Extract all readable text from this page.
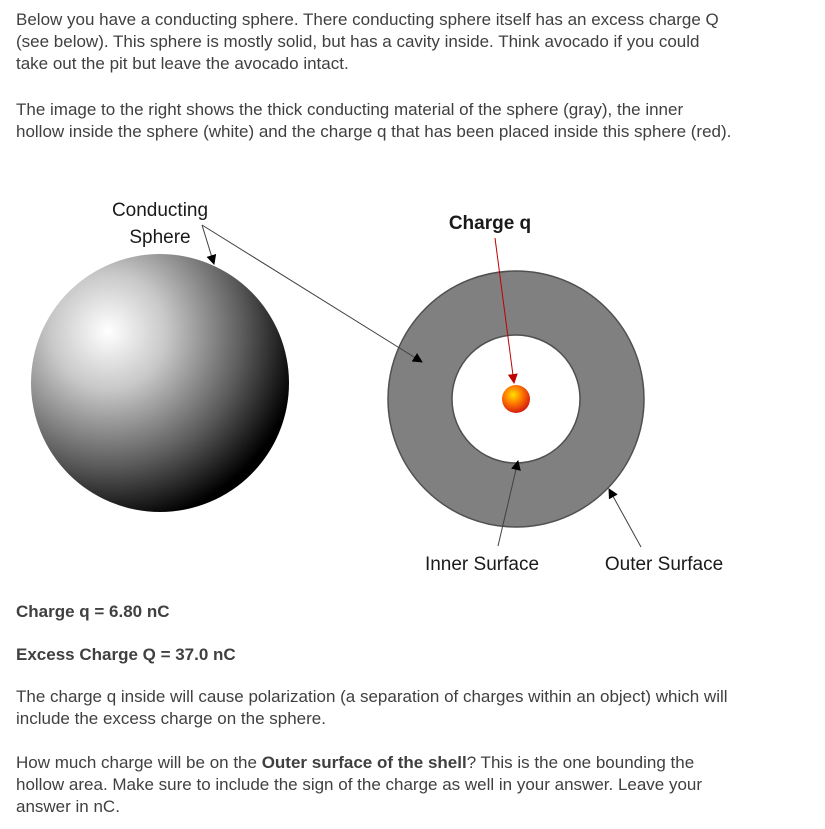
Below you have a conducting sphere. There conducting sphere itself has an excess charge Q (see below). This sphere is mostly solid, but has a cavity inside. Think avocado if you could take out the pit but leave the avocado intact.

The image to the right shows the thick conducting material of the sphere (gray), the inner hollow inside the sphere (white) and the charge q that has been placed inside this sphere (red).

Conducting
Sphere
Charge q
Inner Surface	Outer Surface

Charge q = 6.80 nC

Excess Charge Q = 37.0 nC

The charge q inside will cause polarization (a separation of charges within an object) which will include the excess charge on the sphere.

How much charge will be on the Outer surface of the shell? This is the one bounding the hollow area. Make sure to include the sign of the charge as well in your answer. Leave your answer in nC.
